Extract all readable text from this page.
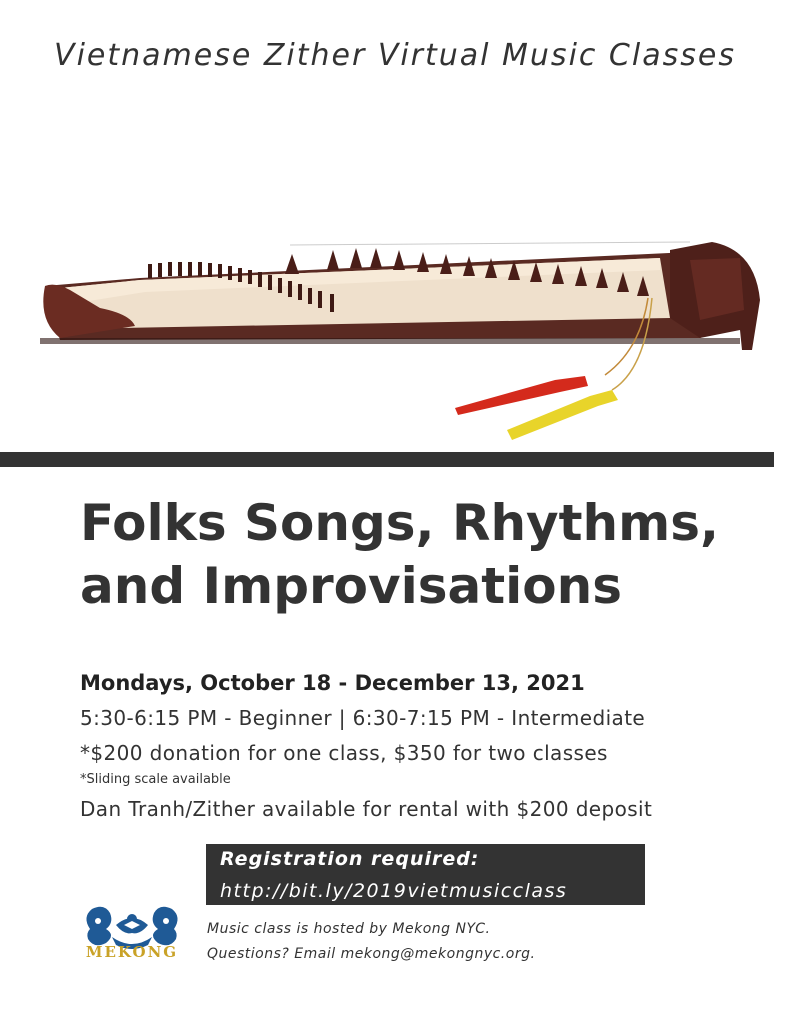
Vietnamese Zither Virtual Music Classes
Folks Songs, Rhythms,
and Improvisations
Mondays, October 18 - December 13, 2021
5:30-6:15 PM - Beginner | 6:30-7:15 PM - Intermediate
*$200 donation for one class, $350 for two classes
*Sliding scale available
Dan Tranh/Zither available for rental with $200 deposit
Registration required:
http://bit.ly/2019vietmusicclass
MEKONG
Music class is hosted by Mekong NYC.
Questions? Email mekong@mekongnyc.org.
